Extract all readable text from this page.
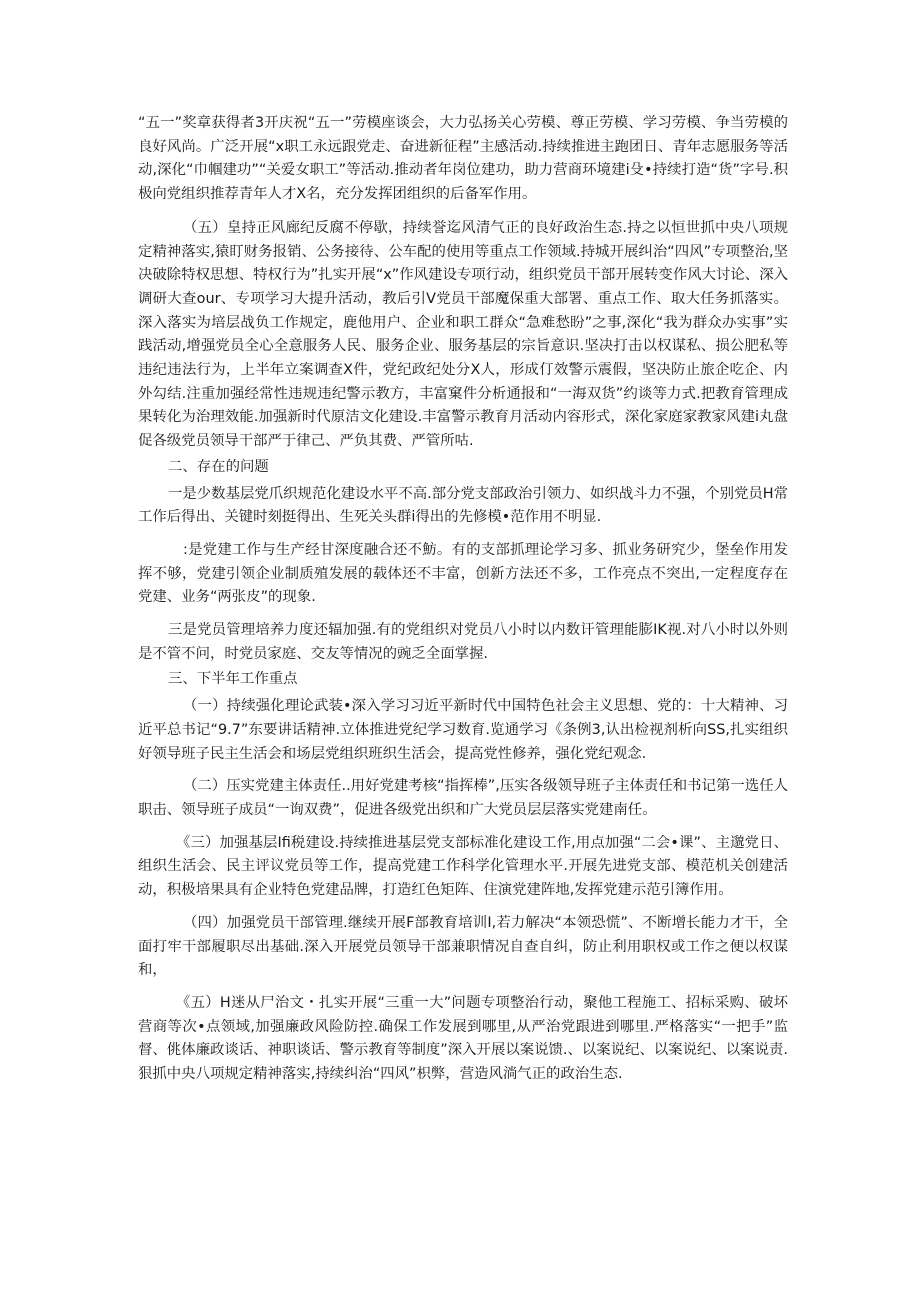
“五一”奖章获得者3开庆祝“五一”劳模座谈会，大力弘扬关心劳模、尊正劳模、学习劳模、争当劳模的良好风尚。广泛开展“x职工永远跟党走、奋进新征程”主感活动.持续推进主跑团日、青年志愿服务等活动,深化“巾帼建功”“关爱女职工”等活动.推动者年岗位建功，助力营商环境建i殳•持续打造“货”字号.积极向党组织推荐青年人才X名，充分发挥团组织的后备军作用。

（五）皇持正风廊纪反腐不停歇，持续誉迄风清气正的良好政治生态.持之以恒世抓中央八项规定精神落实,猿盯财务报销、公务接待、公车配的使用等重点工作领域.持城开展纠治“四风”专项整治,坚决破除特权思想、特权行为”扎实开展“x”作风建设专项行动，组织党员干部开展转变作风大讨论、深入调研大查our、专项学习大提升活动，教后引V党员干部魔保重大部署、重点工作、取大任务抓落实。深入落实为培层战负工作规定，鹿他用户、企业和职工群众“急难愁盼”之事,深化“我为群众办实事”实践活动,增强党员全心全意服务人民、服务企业、服务基层的宗旨意识.坚决打击以权谋私、损公肥私等违纪违法行为，上半年立案调查X件，党纪政纪处分X人，形成仃效警示震假，坚决防止旅企吃企、内外勾结.注重加强经常性违规违纪警示教方，丰富窠件分析通报和“一海双货”约谈等力式.把教育管理成果转化为治理效能.加强新时代原洁文化建设.丰富警示教育月活动内容形式，深化家庭家教家风建i丸盘促各级党员领导干部严于律己、严负其费、严管所咕.

二、存在的问题

一是少数基层党爪织规范化建设水平不高.部分党支部政治引领力、如织战斗力不强，个别党员H常工作后得出、关键时刻挺得出、生死关头群i得出的先修模•范作用不明显.

:是党建工作与生产经甘深度融合还不魴。有的支部抓理论学习多、抓业务研究少，堡垒作用发挥不够，党建引领企业制质殖发展的载体还不丰富，创新方法还不多，工作亮点不突出,一定程度存在党建、业务“两张皮”的现象.

三是党员管理培养力度还辐加强.有的党组织对党员八小时以内数讦管理能膨IK视.对八小时以外则是不管不问，时党员家庭、交友等情况的豌乏全面掌握.

三、下半年工作重点

（一）持续强化理论武装•深入学习习近平新时代中国特色社会主义思想、党的：十大精神、习近平总书记“9.7”东要讲话精神.立体推进党纪学习数育.览通学习《条例3,认出检视剂析向SS,扎实组织好领导班子民主生活会和场层党组织班织生活会，提高党性修养，强化党纪观念.

（二）压实党建主体责任..用好党建考核“指挥棒”,压实各级领导班子主体责任和书记第一选任人职击、领导班子成员“一询双费”，促进各级党出织和广大党员层层落实党建南任。

《三）加强基层Ifi税建设.持续推进基层党支部标准化建设工作,用点加强“二会•课”、主邈党日、组织生活会、民主评议党员等工作，提高党建工作科学化管理水平.开展先进党支部、模范机关创建活动，积极培果具有企业特色党建品牌，打造红色矩阵、住演党建阵地,发挥党建示范引簿作用。

（四）加强党员干部管理.继续开展F部教育培训I,若力解决“本领恐慌”、不断增长能力才干，全面打牢干部履职尽出基础.深入开展党员领导干部兼职情况自查自纠，防止利用职权或工作之便以权谋和，

《五）H迷从尸治文・扎实开展“三重一大”问题专项整治行动，聚他工程施工、招标采购、破坏营商等次•点领域,加强廉政风险防控.确保工作发展到哪里,从严治党跟进到哪里.严格落实“一把手”监督、佻体廉政谈话、神职谈话、警示教育等制度”深入开展以案说馈.、以案说纪、以案说纪、以案说责.狠抓中央八项规定精神落实,持续纠治“四风”枳弊，营造风淌气正的政治生态.
